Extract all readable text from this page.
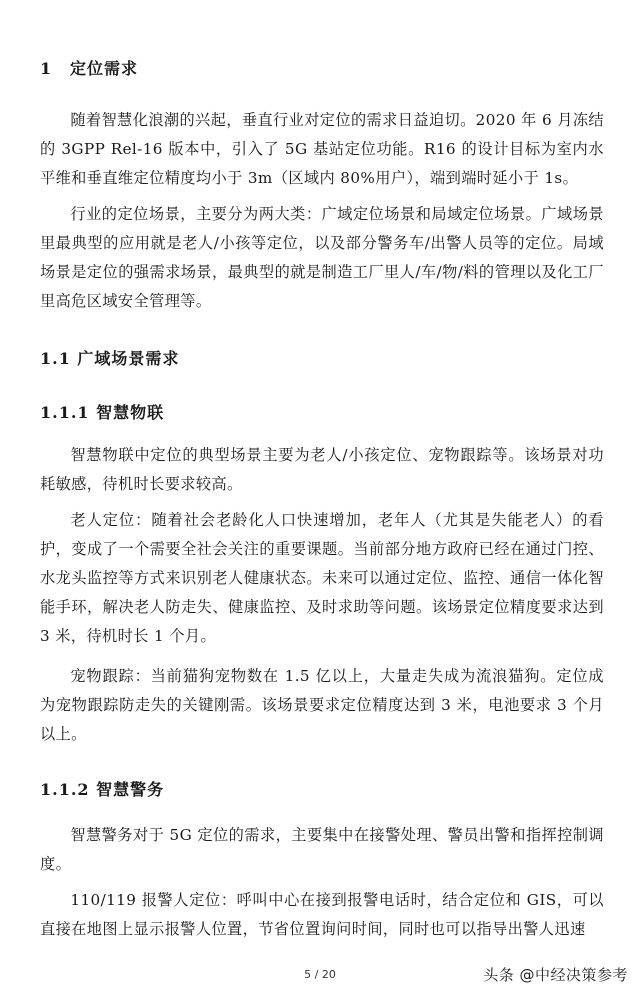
1 定位需求
随着智慧化浪潮的兴起，垂直行业对定位的需求日益迫切。2020 年 6 月冻结的 3GPP Rel-16 版本中，引入了 5G 基站定位功能。R16 的设计目标为室内水平维和垂直维定位精度均小于 3m（区域内 80%用户），端到端时延小于 1s。
行业的定位场景，主要分为两大类：广域定位场景和局域定位场景。广域场景里最典型的应用就是老人/小孩等定位，以及部分警务车/出警人员等的定位。局域场景是定位的强需求场景，最典型的就是制造工厂里人/车/物/料的管理以及化工厂里高危区域安全管理等。
1.1 广域场景需求
1.1.1 智慧物联
智慧物联中定位的典型场景主要为老人/小孩定位、宠物跟踪等。该场景对功耗敏感，待机时长要求较高。
老人定位：随着社会老龄化人口快速增加，老年人（尤其是失能老人）的看护，变成了一个需要全社会关注的重要课题。当前部分地方政府已经在通过门控、水龙头监控等方式来识别老人健康状态。未来可以通过定位、监控、通信一体化智能手环，解决老人防走失、健康监控、及时求助等问题。该场景定位精度要求达到 3 米，待机时长 1 个月。
宠物跟踪：当前猫狗宠物数在 1.5 亿以上，大量走失成为流浪猫狗。定位成为宠物跟踪防走失的关键刚需。该场景要求定位精度达到 3 米，电池要求 3 个月以上。
1.1.2 智慧警务
智慧警务对于 5G 定位的需求，主要集中在接警处理、警员出警和指挥控制调度。
110/119 报警人定位：呼叫中心在接到报警电话时，结合定位和 GIS，可以直接在地图上显示报警人位置，节省位置询问时间，同时也可以指导出警人迅速
5 / 20	头条 @中经决策参考
